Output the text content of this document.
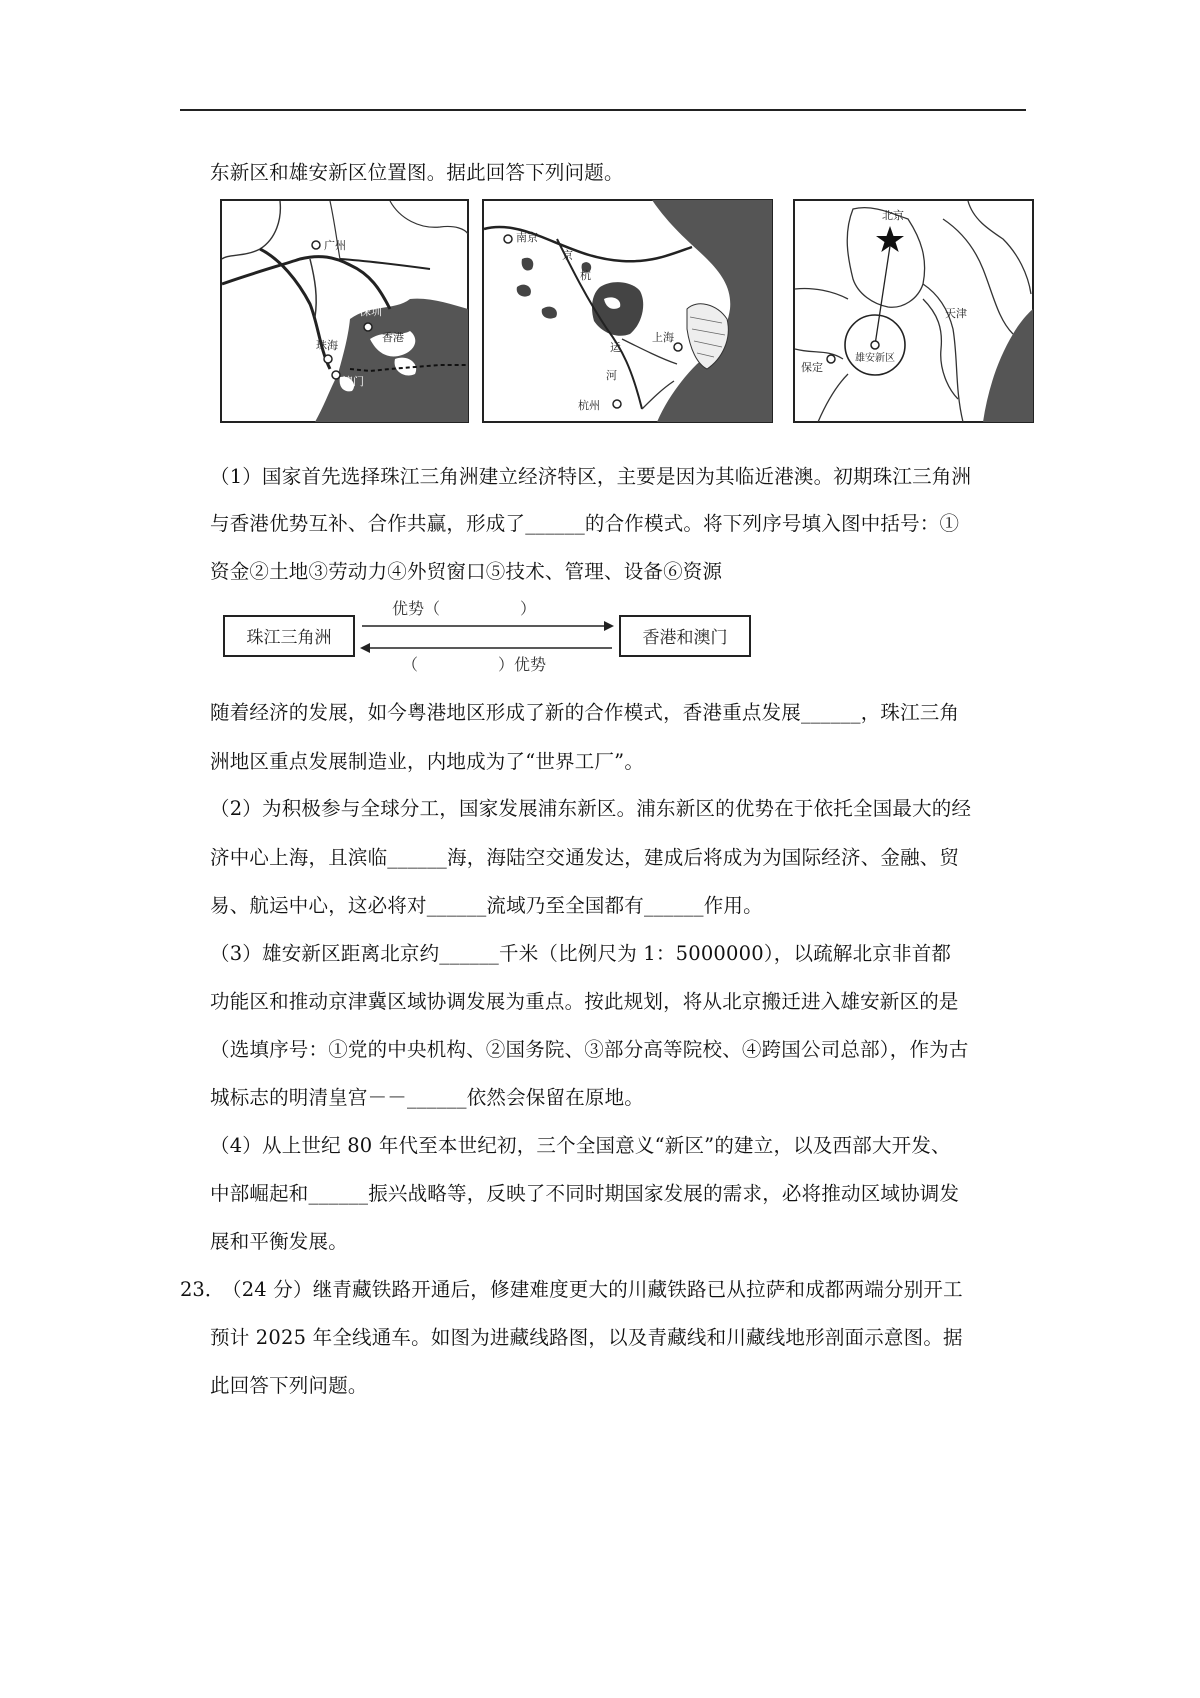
东新区和雄安新区位置图。据此回答下列问题。
广州
深圳
香港
珠海
澳门
南京
上海
杭州
京
杭
运
河
北京
雄安新区
保定
天津
（1）国家首先选择珠江三角洲建立经济特区，主要是因为其临近港澳。初期珠江三角洲
与香港优势互补、合作共赢，形成了______的合作模式。将下列序号填入图中括号：①
资金②土地③劳动力④外贸窗口⑤技术、管理、设备⑥资源
珠江三角洲	香港和澳门
优势（　　　　　）
（　　　　　）优势
随着经济的发展，如今粤港地区形成了新的合作模式，香港重点发展______，珠江三角
洲地区重点发展制造业，内地成为了“世界工厂”。
（2）为积极参与全球分工，国家发展浦东新区。浦东新区的优势在于依托全国最大的经
济中心上海，且滨临______海，海陆空交通发达，建成后将成为为国际经济、金融、贸
易、航运中心，这必将对______流域乃至全国都有______作用。
（3）雄安新区距离北京约______千米（比例尺为 1：5000000），以疏解北京非首都
功能区和推动京津冀区域协调发展为重点。按此规划，将从北京搬迁进入雄安新区的是
（选填序号：①党的中央机构、②国务院、③部分高等院校、④跨国公司总部），作为古
城标志的明清皇宫－－______依然会保留在原地。
（4）从上世纪 80 年代至本世纪初，三个全国意义“新区”的建立，以及西部大开发、
中部崛起和______振兴战略等，反映了不同时期国家发展的需求，必将推动区域协调发
展和平衡发展。
23．
（24 分）继青藏铁路开通后，修建难度更大的川藏铁路已从拉萨和成都两端分别开工
预计 2025 年全线通车。如图为进藏线路图，以及青藏线和川藏线地形剖面示意图。据
此回答下列问题。
